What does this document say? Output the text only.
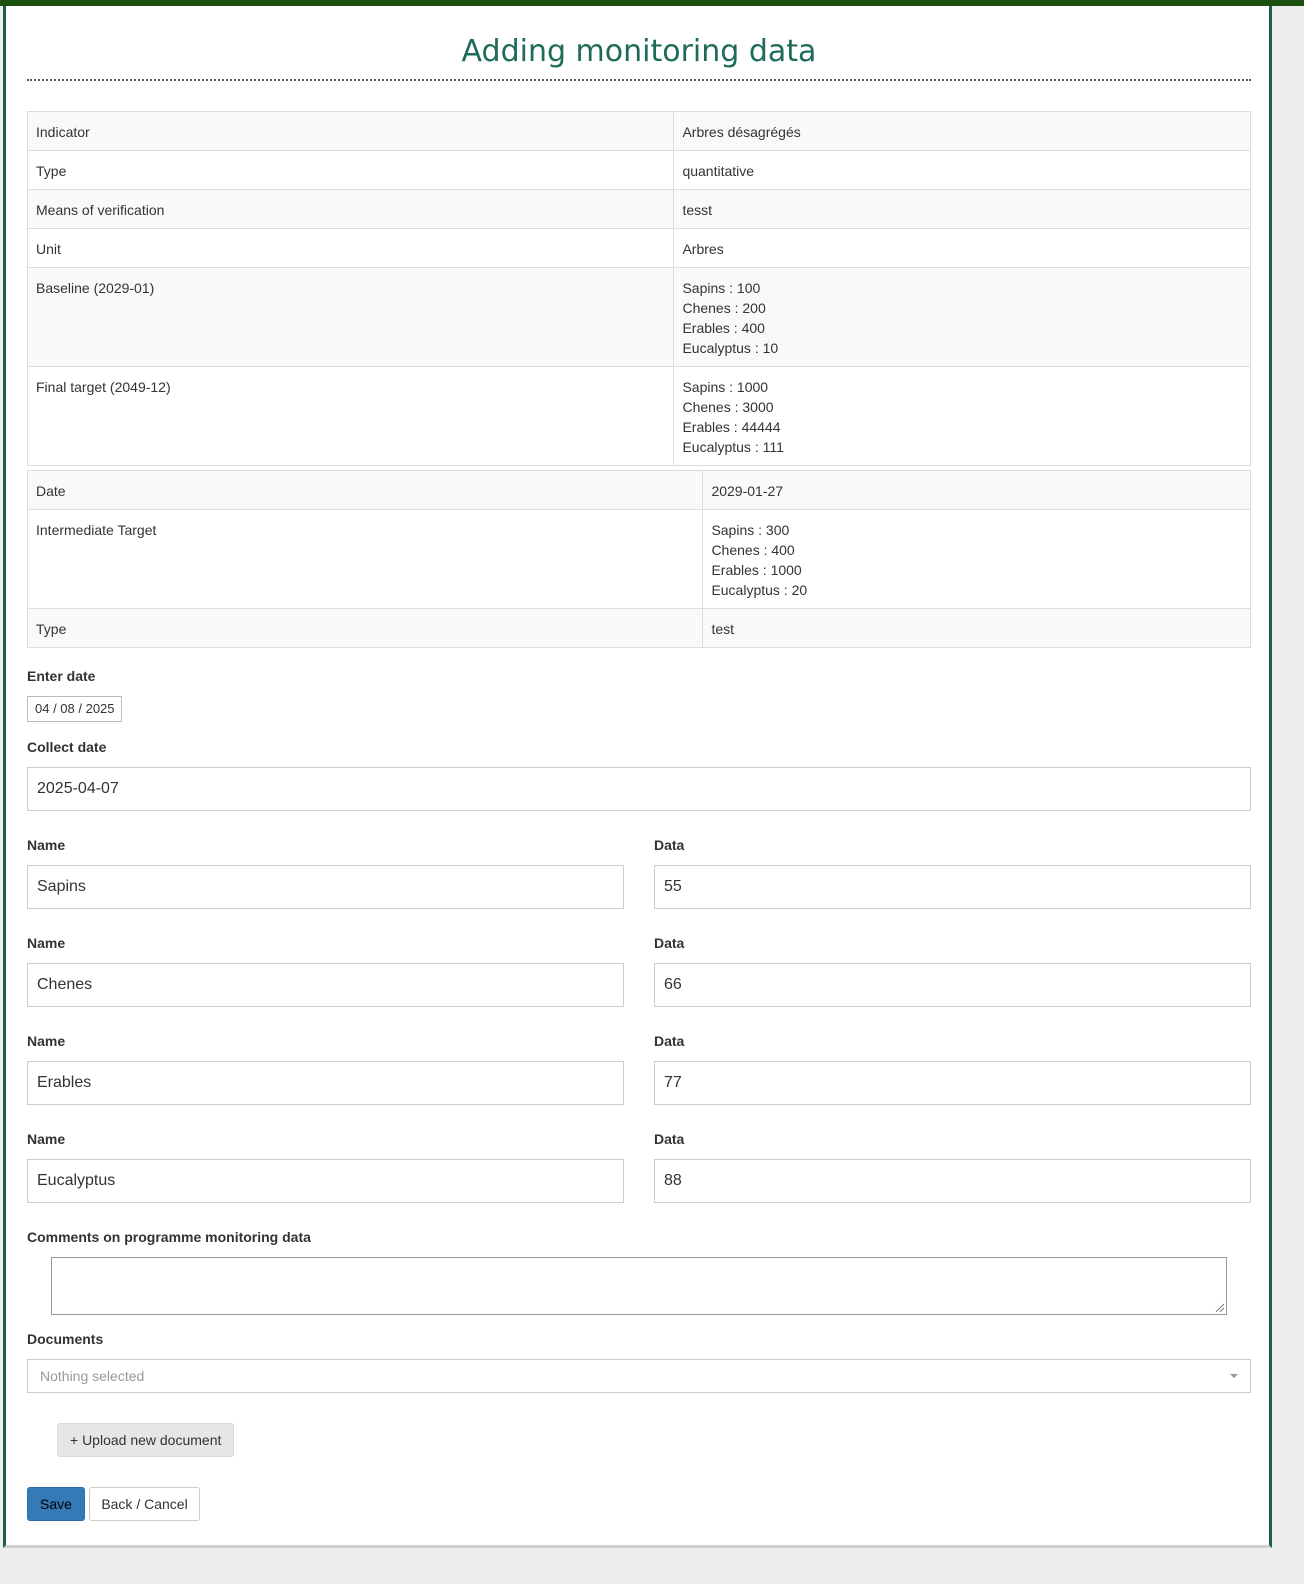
Adding monitoring data
Indicator	Arbres désagrégés

Type	quantitative

Means of verification	tesst

Unit	Arbres

Baseline (2029-01)	Sapins : 100
Chenes : 200
Erables : 400
Eucalyptus : 10

Final target (2049-12)	Sapins : 1000
Chenes : 3000
Erables : 44444
Eucalyptus : 111
Date	2029-01-27

Intermediate Target	Sapins : 300
Chenes : 400
Erables : 1000
Eucalyptus : 20

Type	test
Enter date
04 / 08 / 2025
Collect date
2025-04-07
Name	Data
Sapins	55
Name	Data
Chenes	66
Name	Data
Erables	77
Name	Data
Eucalyptus	88
Comments on programme monitoring data
Documents
Nothing selected
+ Upload new document
Save	Back / Cancel
